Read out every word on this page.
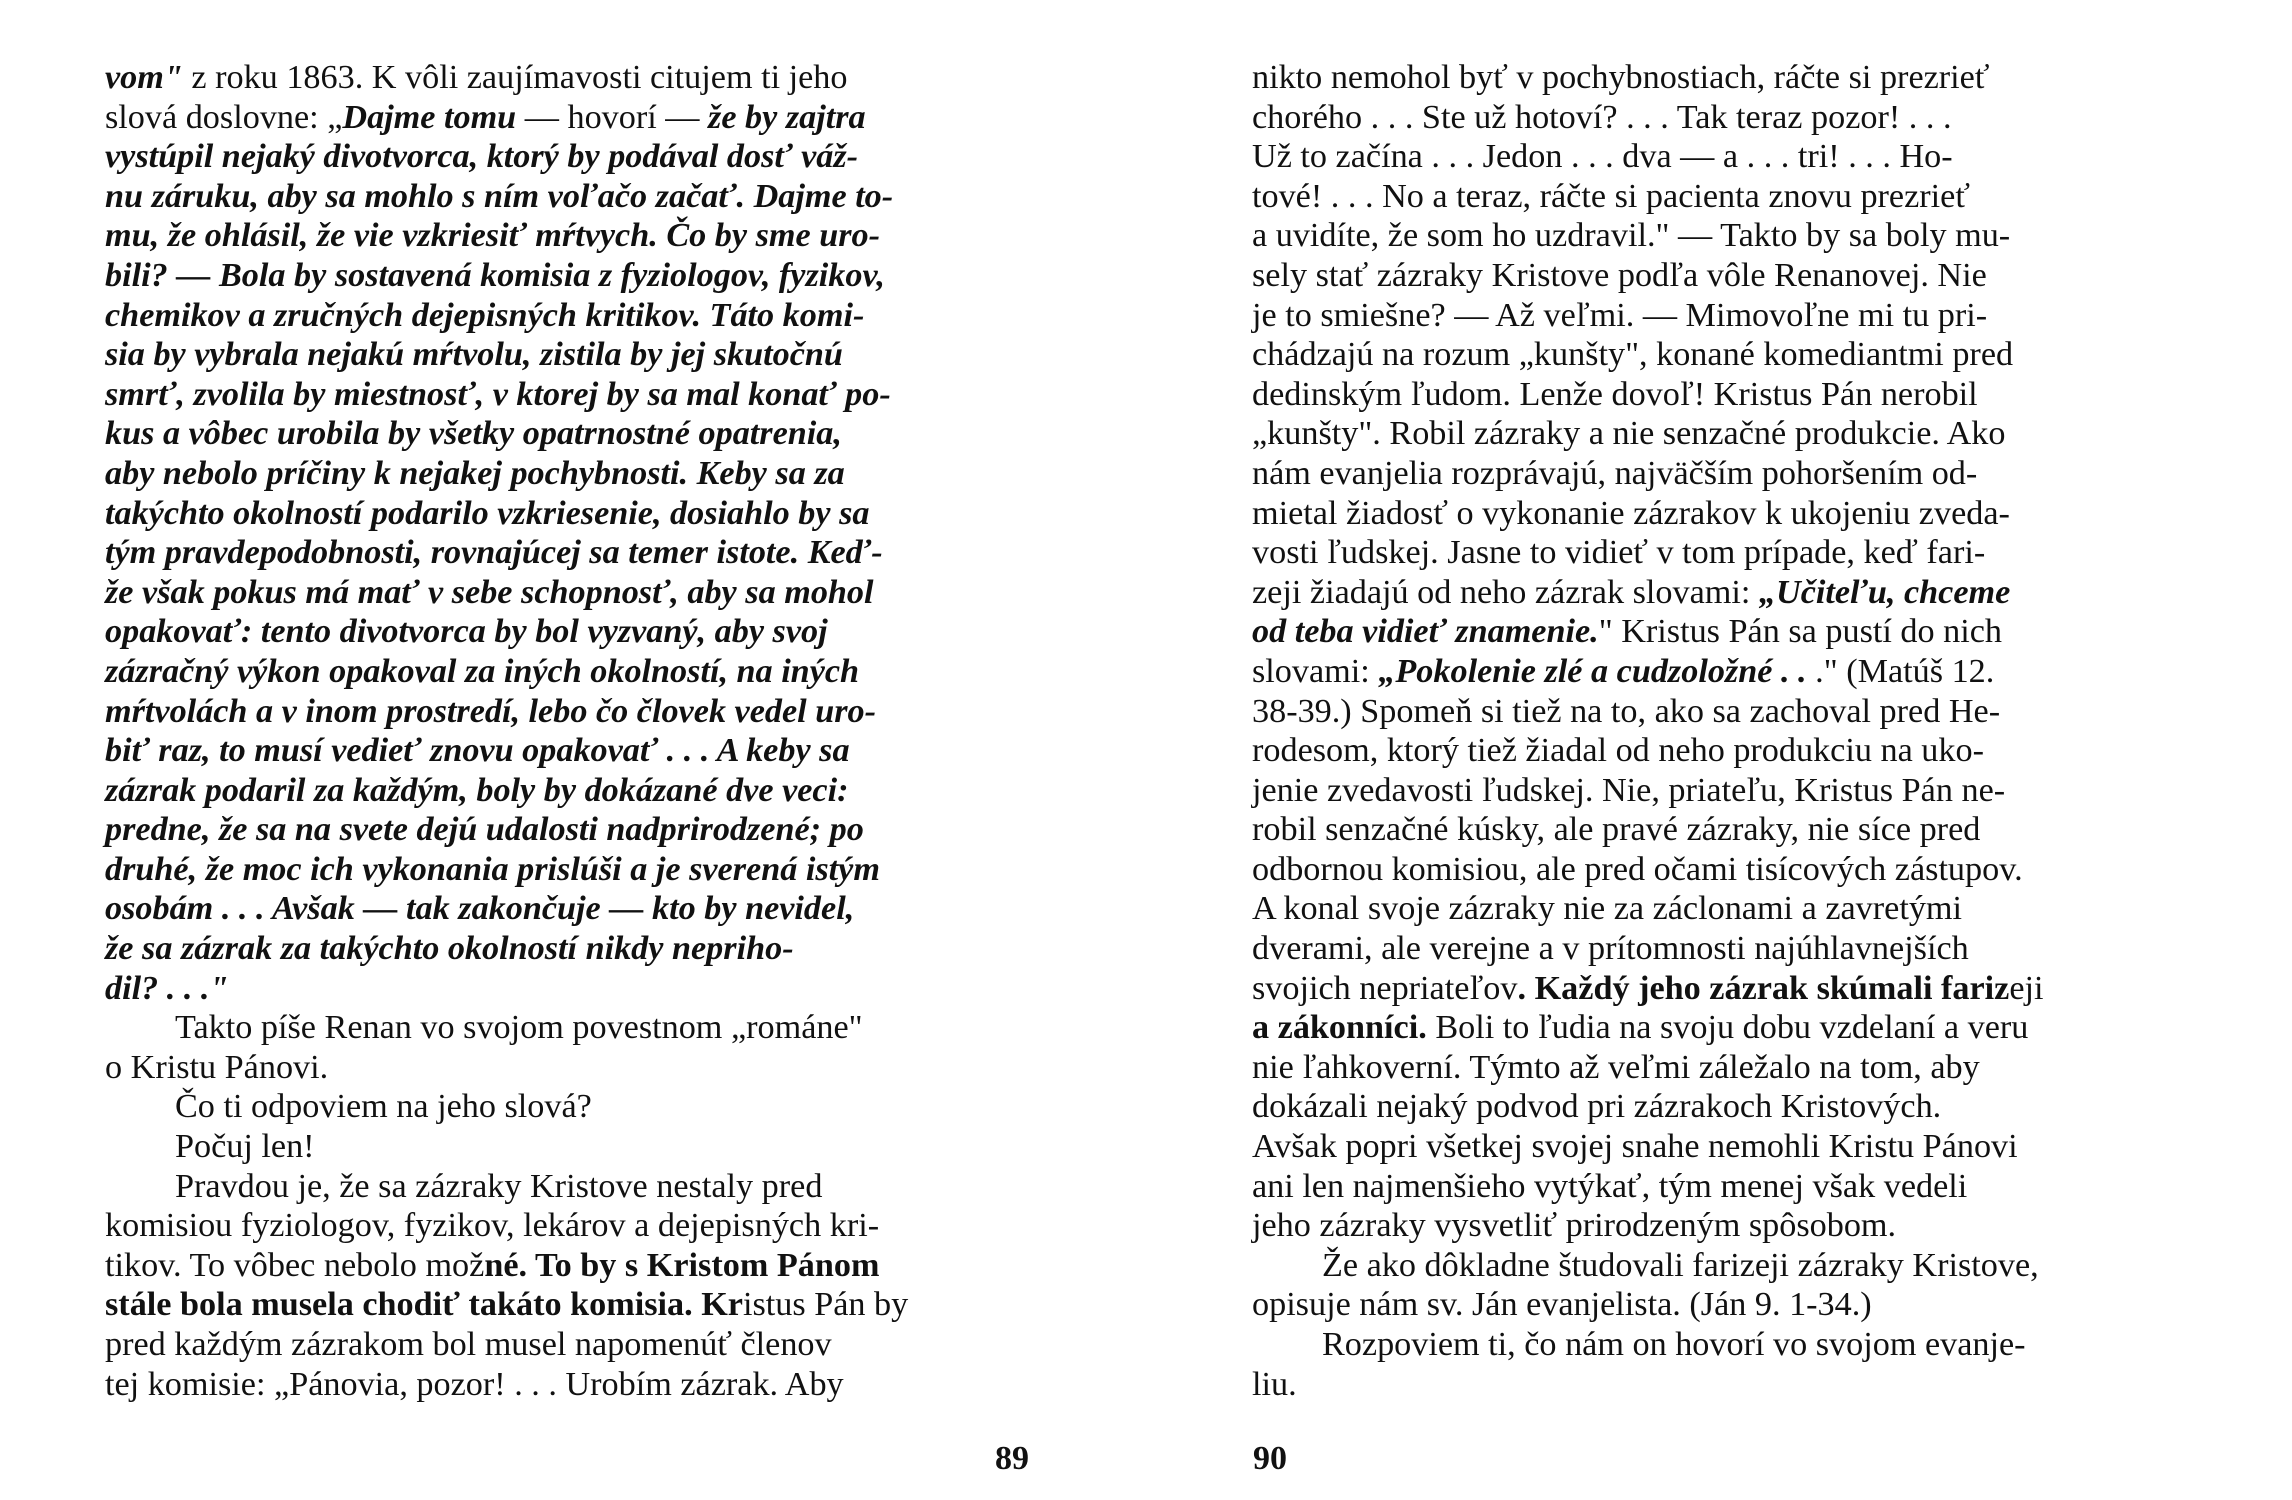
vom" z roku 1863. K vôli zaujímavosti citujem ti jeho
slová doslovne: „Dajme tomu — hovorí — že by zajtra
vystúpil nejaký divotvorca, ktorý by podával dosť váž-
nu záruku, aby sa mohlo s ním voľačo začať. Dajme to-
mu, že ohlásil, že vie vzkriesiť mŕtvych. Čo by sme uro-
bili? — Bola by sostavená komisia z fyziologov, fyzikov,
chemikov a zručných dejepisných kritikov. Táto komi-
sia by vybrala nejakú mŕtvolu, zistila by jej skutočnú
smrť, zvolila by miestnosť, v ktorej by sa mal konať po-
kus a vôbec urobila by všetky opatrnostné opatrenia,
aby nebolo príčiny k nejakej pochybnosti. Keby sa za
takýchto okolností podarilo vzkriesenie, dosiahlo by sa
tým pravdepodobnosti, rovnajúcej sa temer istote. Keď-
že však pokus má mať v sebe schopnosť, aby sa mohol
opakovať: tento divotvorca by bol vyzvaný, aby svoj
zázračný výkon opakoval za iných okolností, na iných
mŕtvolách a v inom prostredí, lebo čo človek vedel uro-
biť raz, to musí vedieť znovu opakovať . . . A keby sa
zázrak podaril za každým, boly by dokázané dve veci:
predne, že sa na svete dejú udalosti nadprirodzené; po
druhé, že moc ich vykonania prislúši a je sverená istým
osobám . . . Avšak — tak zakončuje — kto by nevidel,
že sa zázrak za takýchto okolností nikdy nepriho-
dil? . . ."
Takto píše Renan vo svojom povestnom „románe"
o Kristu Pánovi.
Čo ti odpoviem na jeho slová?
Počuj len!
Pravdou je, že sa zázraky Kristove nestaly pred
komisiou fyziologov, fyzikov, lekárov a dejepisných kri-
tikov. To vôbec nebolo možné. To by s Kristom Pánom
stále bola musela chodiť takáto komisia. Kristus Pán by
pred každým zázrakom bol musel napomenúť členov
tej komisie: „Pánovia, pozor! . . . Urobím zázrak. Aby
89
nikto nemohol byť v pochybnostiach, ráčte si prezrieť
chorého . . . Ste už hotoví? . . . Tak teraz pozor! . . .
Už to začína . . . Jedon . . . dva — a . . . tri! . . . Ho-
tové! . . . No a teraz, ráčte si pacienta znovu prezrieť
a uvidíte, že som ho uzdravil." — Takto by sa boly mu-
sely stať zázraky Kristove podľa vôle Renanovej. Nie
je to smiešne? — Až veľmi. — Mimovoľne mi tu pri-
chádzajú na rozum „kunšty", konané komediantmi pred
dedinským ľudom. Lenže dovoľ! Kristus Pán nerobil
„kunšty". Robil zázraky a nie senzačné produkcie. Ako
nám evanjelia rozprávajú, najväčším pohoršením od-
mietal žiadosť o vykonanie zázrakov k ukojeniu zveda-
vosti ľudskej. Jasne to vidieť v tom prípade, keď fari-
zeji žiadajú od neho zázrak slovami: „Učiteľu, chceme
od teba vidieť znamenie." Kristus Pán sa pustí do nich
slovami: „Pokolenie zlé a cudzoložné . . ." (Matúš 12.
38-39.) Spomeň si tiež na to, ako sa zachoval pred He-
rodesom, ktorý tiež žiadal od neho produkciu na uko-
jenie zvedavosti ľudskej. Nie, priateľu, Kristus Pán ne-
robil senzačné kúsky, ale pravé zázraky, nie síce pred
odbornou komisiou, ale pred očami tisícových zástupov.
A konal svoje zázraky nie za záclonami a zavretými
dverami, ale verejne a v prítomnosti najúhlavnejších
svojich nepriateľov. Každý jeho zázrak skúmali farizeji
a zákonníci. Boli to ľudia na svoju dobu vzdelaní a veru
nie ľahkoverní. Týmto až veľmi záležalo na tom, aby
dokázali nejaký podvod pri zázrakoch Kristových.
Avšak popri všetkej svojej snahe nemohli Kristu Pánovi
ani len najmenšieho vytýkať, tým menej však vedeli
jeho zázraky vysvetliť prirodzeným spôsobom.
Že ako dôkladne študovali farizeji zázraky Kristove,
opisuje nám sv. Ján evanjelista. (Ján 9. 1-34.)
Rozpoviem ti, čo nám on hovorí vo svojom evanje-
liu.
90
